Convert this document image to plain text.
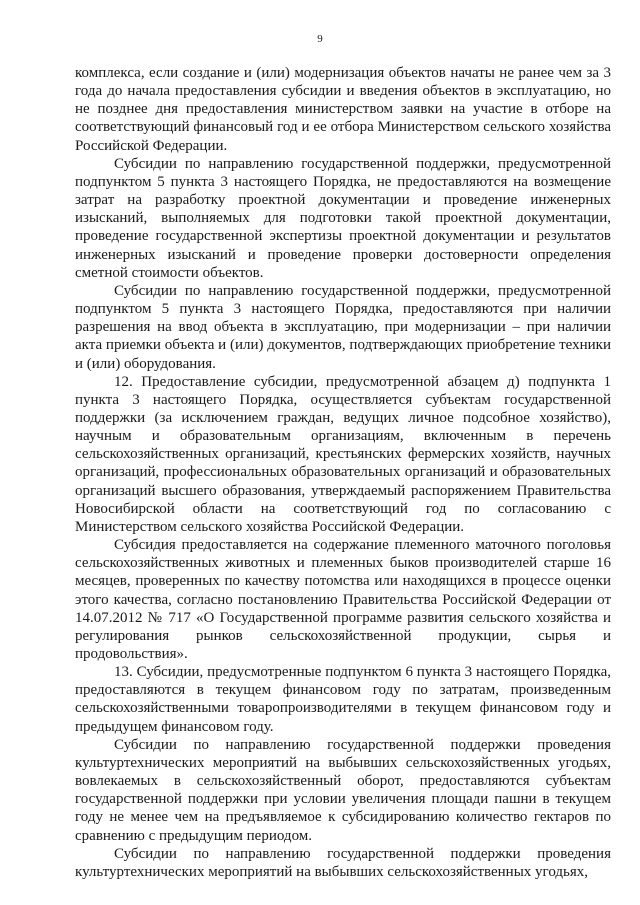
9

комплекса, если создание и (или) модернизация объектов начаты не ранее чем за 3 года до начала предоставления субсидии и введения объектов в эксплуатацию, но не позднее дня предоставления министерством заявки на участие в отборе на соответствующий финансовый год и ее отбора Министерством сельского хозяйства Российской Федерации.

Субсидии по направлению государственной поддержки, предусмотренной подпунктом 5 пункта 3 настоящего Порядка, не предоставляются на возмещение затрат на разработку проектной документации и проведение инженерных изысканий, выполняемых для подготовки такой проектной документации, проведение государственной экспертизы проектной документации и результатов инженерных изысканий и проведение проверки достоверности определения сметной стоимости объектов.

Субсидии по направлению государственной поддержки, предусмотренной подпунктом 5 пункта 3 настоящего Порядка, предоставляются при наличии разрешения на ввод объекта в эксплуатацию, при модернизации – при наличии акта приемки объекта и (или) документов, подтверждающих приобретение техники и (или) оборудования.

12. Предоставление субсидии, предусмотренной абзацем д) подпункта 1 пункта 3 настоящего Порядка, осуществляется субъектам государственной поддержки (за исключением граждан, ведущих личное подсобное хозяйство), научным и образовательным организациям, включенным в перечень сельскохозяйственных организаций, крестьянских фермерских хозяйств, научных организаций, профессиональных образовательных организаций и образовательных организаций высшего образования, утверждаемый распоряжением Правительства Новосибирской области на соответствующий год по согласованию с Министерством сельского хозяйства Российской Федерации.

Субсидия предоставляется на содержание племенного маточного поголовья сельскохозяйственных животных и племенных быков производителей старше 16 месяцев, проверенных по качеству потомства или находящихся в процессе оценки этого качества, согласно постановлению Правительства Российской Федерации от 14.07.2012 № 717 «О Государственной программе развития сельского хозяйства и регулирования рынков сельскохозяйственной продукции, сырья и продовольствия».

13. Субсидии, предусмотренные подпунктом 6 пункта 3 настоящего Порядка, предоставляются в текущем финансовом году по затратам, произведенным сельскохозяйственными товаропроизводителями в текущем финансовом году и предыдущем финансовом году.

Субсидии по направлению государственной поддержки проведения культуртехнических мероприятий на выбывших сельскохозяйственных угодьях, вовлекаемых в сельскохозяйственный оборот, предоставляются субъектам государственной поддержки при условии увеличения площади пашни в текущем году не менее чем на предъявляемое к субсидированию количество гектаров по сравнению с предыдущим периодом.

Субсидии по направлению государственной поддержки проведения культуртехнических мероприятий на выбывших сельскохозяйственных угодьях,
